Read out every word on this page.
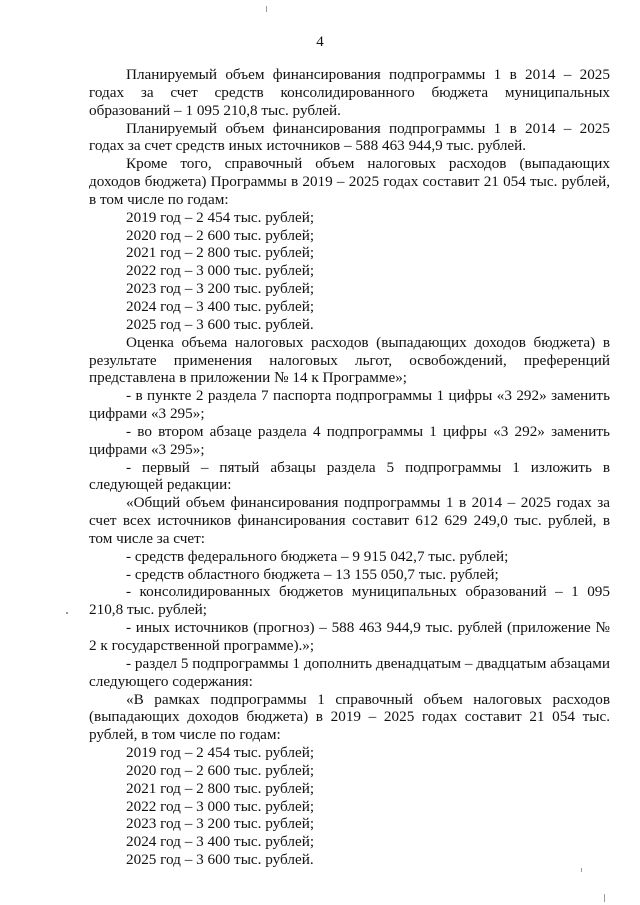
4

Планируемый объем финансирования подпрограммы 1 в 2014 – 2025 годах за счет средств консолидированного бюджета муниципальных образований – 1 095 210,8 тыс. рублей.

Планируемый объем финансирования подпрограммы 1 в 2014 – 2025 годах за счет средств иных источников – 588 463 944,9 тыс. рублей.

Кроме того, справочный объем налоговых расходов (выпадающих доходов бюджета) Программы в 2019 – 2025 годах составит 21 054 тыс. рублей, в том числе по годам:

2019 год – 2 454 тыс. рублей;

2020 год – 2 600 тыс. рублей;

2021 год – 2 800 тыс. рублей;

2022 год – 3 000 тыс. рублей;

2023 год – 3 200 тыс. рублей;

2024 год – 3 400 тыс. рублей;

2025 год – 3 600 тыс. рублей.

Оценка объема налоговых расходов (выпадающих доходов бюджета) в результате применения налоговых льгот, освобождений, преференций представлена в приложении № 14 к Программе»;

- в пункте 2 раздела 7 паспорта подпрограммы 1 цифры «3 292» заменить цифрами «3 295»;

- во втором абзаце раздела 4 подпрограммы 1 цифры «3 292» заменить цифрами «3 295»;

- первый – пятый абзацы раздела 5 подпрограммы 1 изложить в следующей редакции:

«Общий объем финансирования подпрограммы 1 в 2014 – 2025 годах за счет всех источников финансирования составит 612 629 249,0 тыс. рублей, в том числе за счет:

- средств федерального бюджета – 9 915 042,7 тыс. рублей;

- средств областного бюджета – 13 155 050,7 тыс. рублей;

- консолидированных бюджетов муниципальных образований – 1 095 210,8 тыс. рублей;

- иных источников (прогноз) – 588 463 944,9 тыс. рублей (приложение № 2 к государственной программе).»;

- раздел 5 подпрограммы 1 дополнить двенадцатым – двадцатым абзацами следующего содержания:

«В рамках подпрограммы 1 справочный объем налоговых расходов (выпадающих доходов бюджета) в 2019 – 2025 годах составит 21 054 тыс. рублей, в том числе по годам:

2019 год – 2 454 тыс. рублей;

2020 год – 2 600 тыс. рублей;

2021 год – 2 800 тыс. рублей;

2022 год – 3 000 тыс. рублей;

2023 год – 3 200 тыс. рублей;

2024 год – 3 400 тыс. рублей;

2025 год – 3 600 тыс. рублей.
